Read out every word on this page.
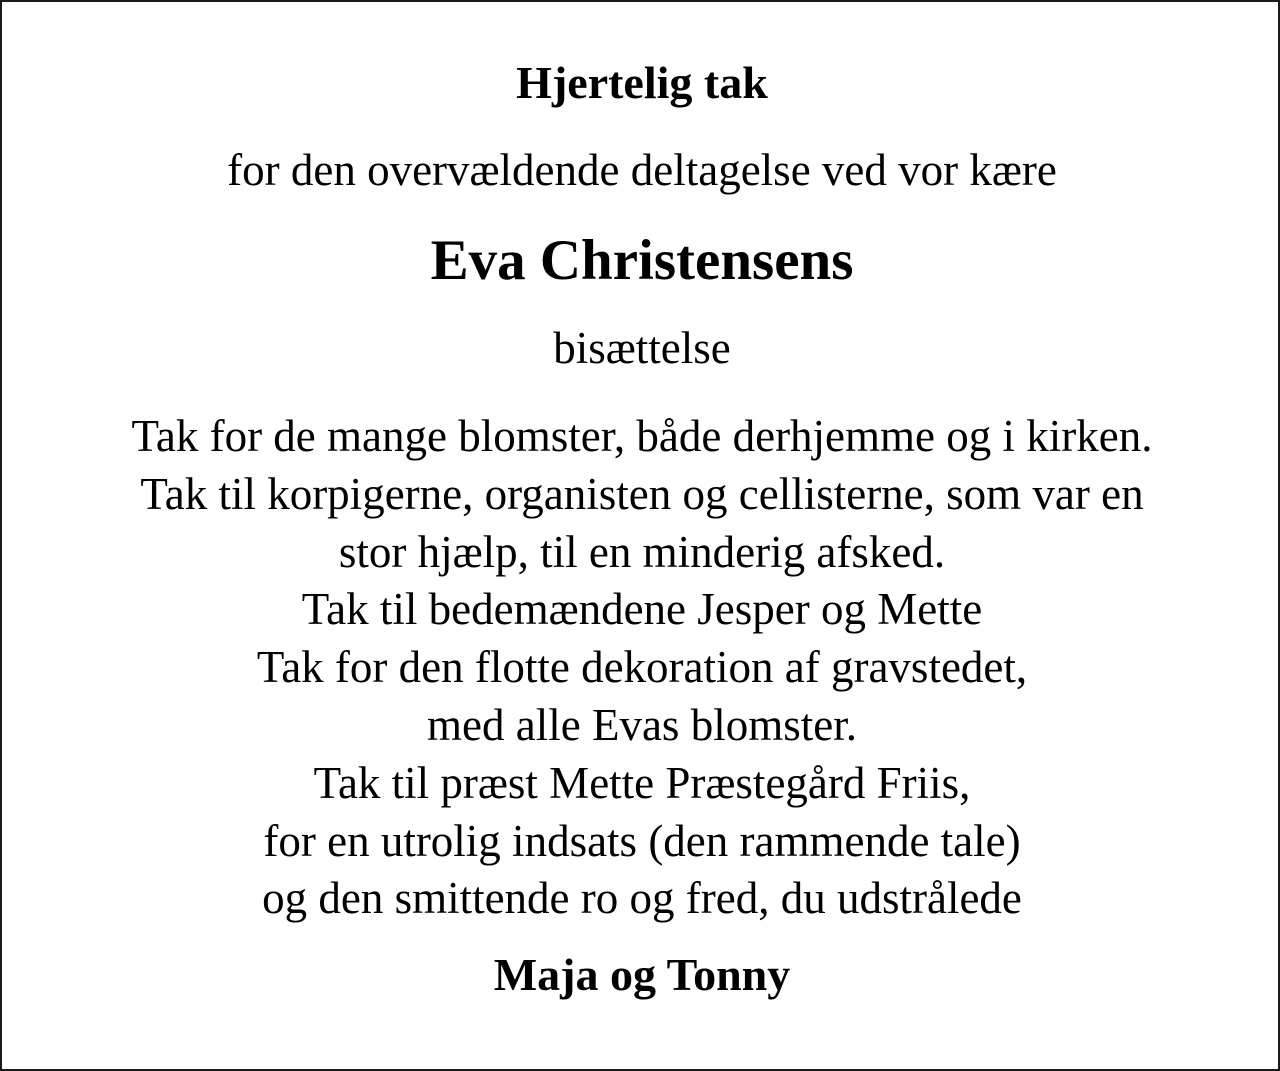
Hjertelig tak
for den overvældende deltagelse ved vor kære
Eva Christensens
bisættelse
Tak for de mange blomster, både derhjemme og i kirken.
Tak til korpigerne, organisten og cellisterne, som var en
stor hjælp, til en minderig afsked.
Tak til bedemændene Jesper og Mette
Tak for den flotte dekoration af gravstedet,
med alle Evas blomster.
Tak til præst Mette Præstegård Friis,
for en utrolig indsats (den rammende tale)
og den smittende ro og fred, du udstrålede
Maja og Tonny
